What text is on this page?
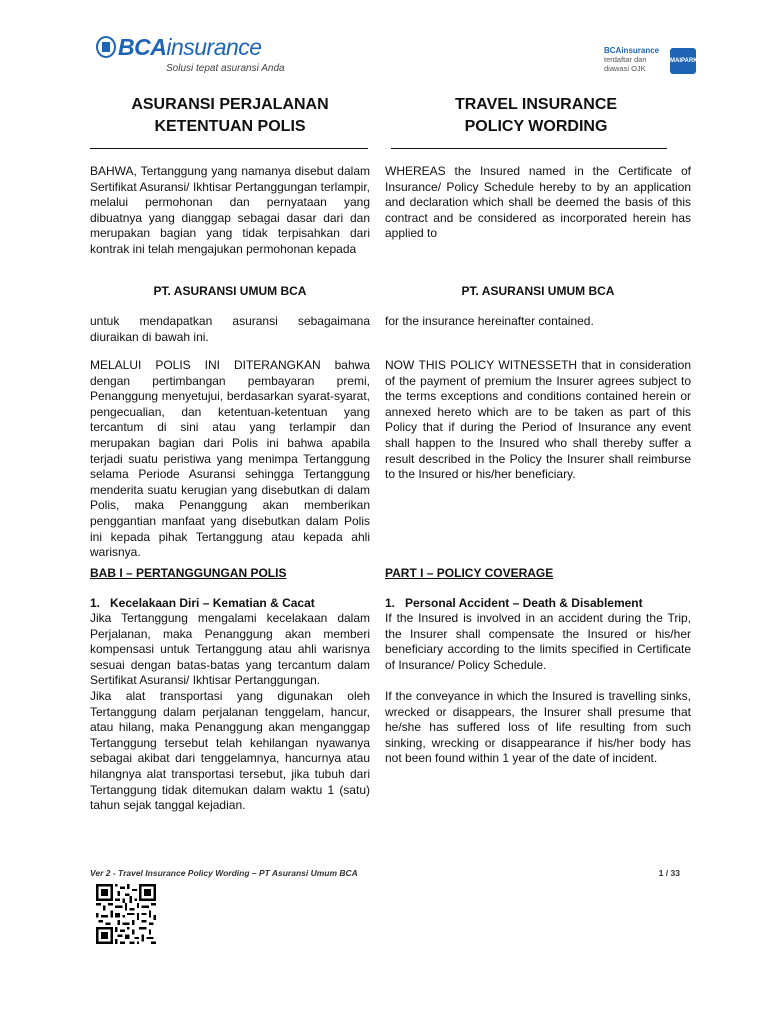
BCAinsurance
Solusi tepat asuransi Anda
BCAinsurance
terdaftar dan
diawasi OJK
MAIPARK
ASURANSI PERJALANAN
KETENTUAN POLIS
TRAVEL INSURANCE
POLICY WORDING
BAHWA, Tertanggung yang namanya disebut dalam Sertifikat Asuransi/ Ikhtisar Pertanggungan terlampir, melalui permohonan dan pernyataan yang dibuatnya yang dianggap sebagai dasar dari dan merupakan bagian yang tidak terpisahkan dari kontrak ini telah mengajukan permohonan kepada
PT. ASURANSI UMUM BCA
untuk mendapatkan asuransi sebagaimana diuraikan di bawah ini.
MELALUI POLIS INI DITERANGKAN bahwa dengan pertimbangan pembayaran premi, Penanggung menyetujui, berdasarkan syarat-syarat, pengecualian, dan ketentuan-ketentuan yang tercantum di sini atau yang terlampir dan merupakan bagian dari Polis ini bahwa apabila terjadi suatu peristiwa yang menimpa Tertanggung selama Periode Asuransi sehingga Tertanggung menderita suatu kerugian yang disebutkan di dalam Polis, maka Penanggung akan memberikan penggantian manfaat yang disebutkan dalam Polis ini kepada pihak Tertanggung atau kepada ahli warisnya.
BAB I – PERTANGGUNGAN POLIS
1.   Kecelakaan Diri – Kematian & Cacat
Jika Tertanggung mengalami kecelakaan dalam Perjalanan, maka Penanggung akan memberi kompensasi untuk Tertanggung atau ahli warisnya sesuai dengan batas-batas yang tercantum dalam Sertifikat Asuransi/ Ikhtisar Pertanggungan.
Jika alat transportasi yang digunakan oleh Tertanggung dalam perjalanan tenggelam, hancur, atau hilang, maka Penanggung akan menganggap Tertanggung tersebut telah kehilangan nyawanya sebagai akibat dari tenggelamnya, hancurnya atau hilangnya alat transportasi tersebut, jika tubuh dari Tertanggung tidak ditemukan dalam waktu 1 (satu) tahun sejak tanggal kejadian.
WHEREAS the Insured named in the Certificate of Insurance/ Policy Schedule hereby to by an application and declaration which shall be deemed the basis of this contract and be considered as incorporated herein has applied to
PT. ASURANSI UMUM BCA
for the insurance hereinafter contained.
NOW THIS POLICY WITNESSETH that in consideration of the payment of premium the Insurer agrees subject to the terms exceptions and conditions contained herein or annexed hereto which are to be taken as part of this Policy that if during the Period of Insurance any event shall happen to the Insured who shall thereby suffer a result described in the Policy the Insurer shall reimburse to the Insured or his/her beneficiary.
PART I – POLICY COVERAGE
1.   Personal Accident – Death & Disablement
If the Insured is involved in an accident during the Trip, the Insurer shall compensate the Insured or his/her beneficiary according to the limits specified in Certificate of Insurance/ Policy Schedule.
If the conveyance in which the Insured is travelling sinks, wrecked or disappears, the Insurer shall presume that he/she has suffered loss of life resulting from such sinking, wrecking or disappearance if his/her body has not been found within 1 year of the date of incident.
Ver 2 - Travel Insurance Policy Wording – PT Asuransi Umum BCA	1 / 33
